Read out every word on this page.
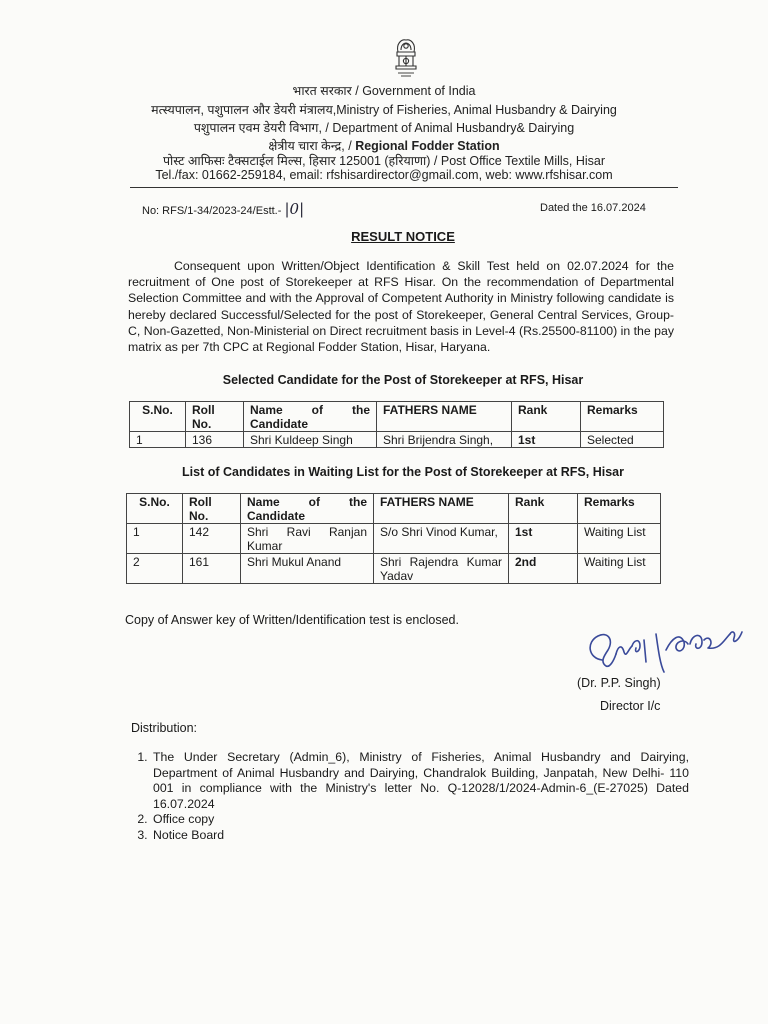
भारत सरकार / Government of India
मत्स्यपालन, पशुपालन और डेयरी मंत्रालय,Ministry of Fisheries, Animal Husbandry & Dairying
पशुपालन एवम डेयरी विभाग, / Department of Animal Husbandry& Dairying
क्षेत्रीय चारा केन्द्र, / Regional Fodder Station
पोस्ट आफिसः टैक्सटाईल मिल्स, हिसार 125001 (हरियाणा) / Post Office Textile Mills, Hisar
Tel./fax: 01662-259184, email: rfshisardirector@gmail.com, web: www.rfshisar.com
No: RFS/1-34/2023-24/Estt.- |0|	Dated the 16.07.2024
RESULT NOTICE
Consequent upon Written/Object Identification & Skill Test held on 02.07.2024 for the recruitment of One post of Storekeeper at RFS Hisar. On the recommendation of Departmental Selection Committee and with the Approval of Competent Authority in Ministry following candidate is hereby declared Successful/Selected for the post of Storekeeper, General Central Services, Group-C, Non-Gazetted, Non-Ministerial on Direct recruitment basis in Level-4 (Rs.25500-81100) in the pay matrix as per 7th CPC at Regional Fodder Station, Hisar, Haryana.
Selected Candidate for the Post of Storekeeper at RFS, Hisar
S.No.	Roll No.	Name of the Candidate	FATHERS NAME	Rank	Remarks
1	136	Shri Kuldeep Singh	Shri Brijendra Singh,	1st	Selected
List of Candidates in Waiting List for the Post of Storekeeper at RFS, Hisar
S.No.	Roll No.	Name of the Candidate	FATHERS NAME	Rank	Remarks
1	142	Shri Ravi Ranjan Kumar	S/o Shri Vinod Kumar,	1st	Waiting List
2	161	Shri Mukul Anand	Shri Rajendra Kumar Yadav	2nd	Waiting List
Copy of Answer key of Written/Identification test is enclosed.
(Dr. P.P. Singh)
Director I/c
Distribution:
1. The Under Secretary (Admin_6), Ministry of Fisheries, Animal Husbandry and Dairying, Department of Animal Husbandry and Dairying, Chandralok Building, Janpatah, New Delhi- 110 001 in compliance with the Ministry's letter No. Q-12028/1/2024-Admin-6_(E-27025) Dated 16.07.2024
2. Office copy
3. Notice Board
